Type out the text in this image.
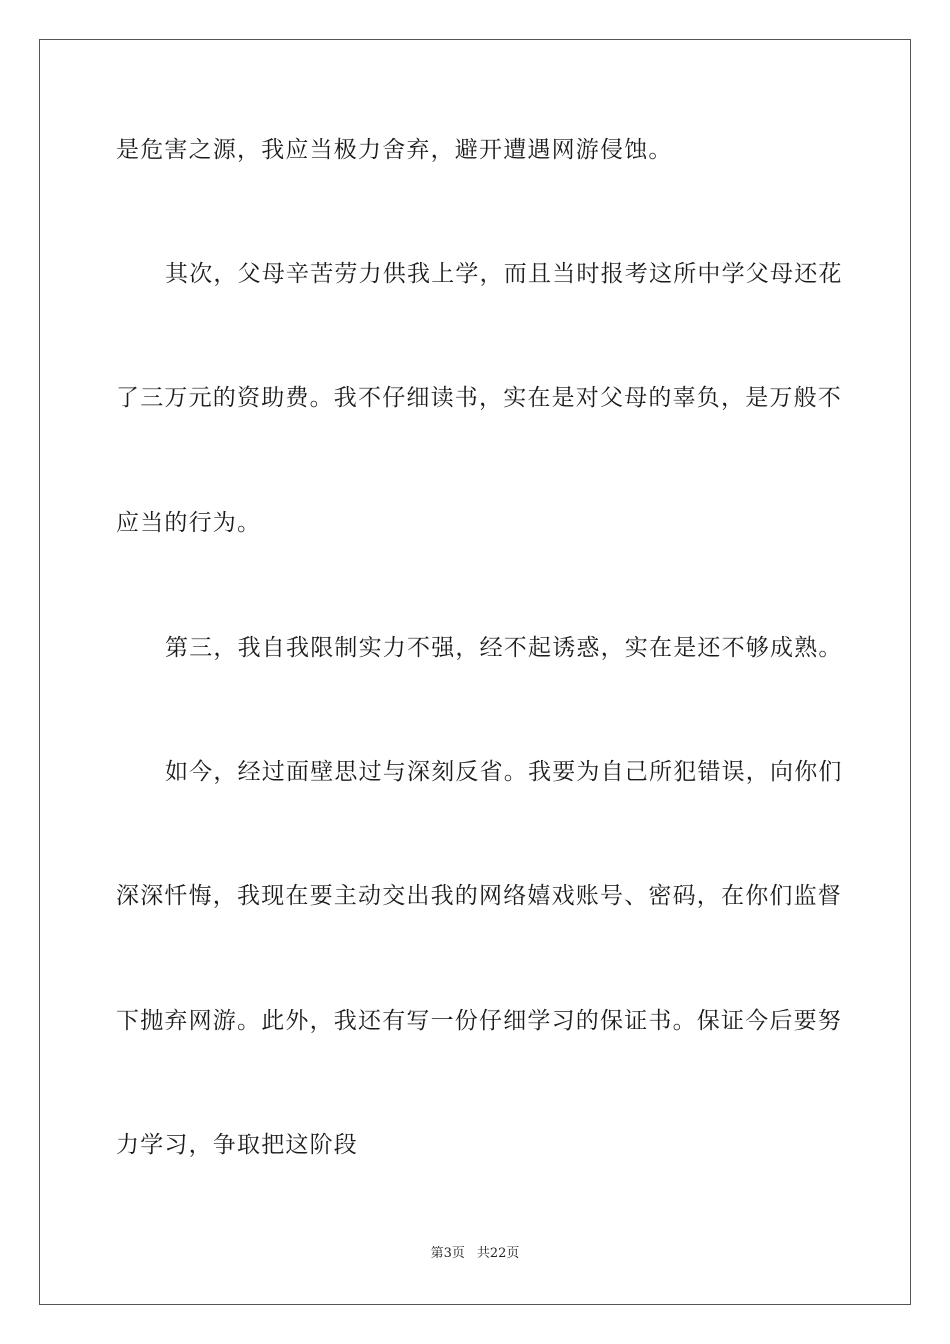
是危害之源，我应当极力舍弃，避开遭遇网游侵蚀。
其次，父母辛苦劳力供我上学，而且当时报考这所中学父母还花
了三万元的资助费。我不仔细读书，实在是对父母的辜负，是万般不
应当的行为。
第三，我自我限制实力不强，经不起诱惑，实在是还不够成熟。
如今，经过面壁思过与深刻反省。我要为自己所犯错误，向你们
深深忏悔，我现在要主动交出我的网络嬉戏账号、密码，在你们监督
下抛弃网游。此外，我还有写一份仔细学习的保证书。保证今后要努
力学习，争取把这阶段
第3页 共22页
